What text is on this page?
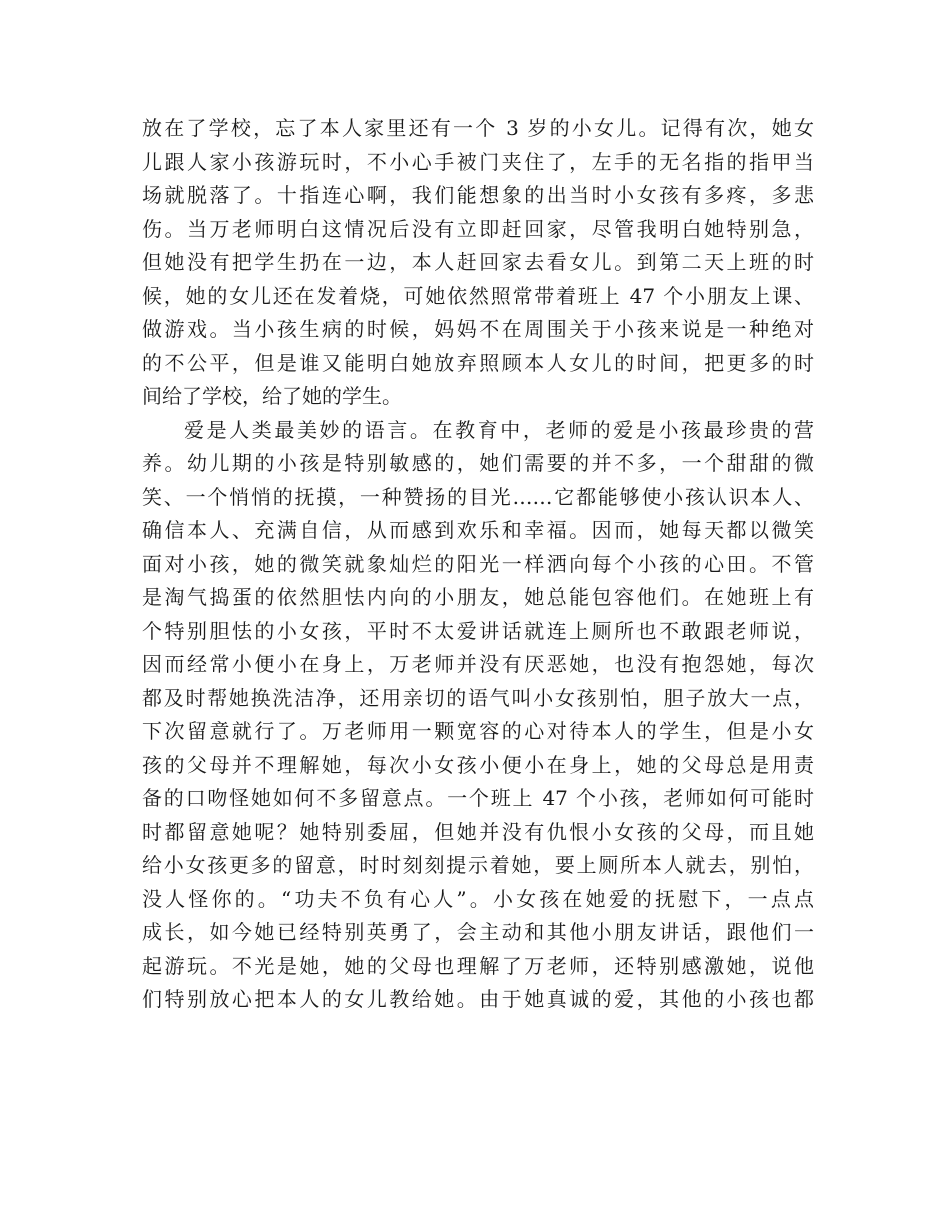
放在了学校，忘了本人家里还有一个 3 岁的小女儿。记得有次，她女
儿跟人家小孩游玩时，不小心手被门夹住了，左手的无名指的指甲当
场就脱落了。十指连心啊，我们能想象的出当时小女孩有多疼，多悲
伤。当万老师明白这情况后没有立即赶回家，尽管我明白她特别急，
但她没有把学生扔在一边，本人赶回家去看女儿。到第二天上班的时
候，她的女儿还在发着烧，可她依然照常带着班上 47 个小朋友上课、
做游戏。当小孩生病的时候，妈妈不在周围关于小孩来说是一种绝对
的不公平，但是谁又能明白她放弃照顾本人女儿的时间，把更多的时
间给了学校，给了她的学生。
爱是人类最美妙的语言。在教育中，老师的爱是小孩最珍贵的营
养。幼儿期的小孩是特别敏感的，她们需要的并不多，一个甜甜的微
笑、一个悄悄的抚摸，一种赞扬的目光……它都能够使小孩认识本人、
确信本人、充满自信，从而感到欢乐和幸福。因而，她每天都以微笑
面对小孩，她的微笑就象灿烂的阳光一样洒向每个小孩的心田。不管
是淘气捣蛋的依然胆怯内向的小朋友，她总能包容他们。在她班上有
个特别胆怯的小女孩，平时不太爱讲话就连上厕所也不敢跟老师说，
因而经常小便小在身上，万老师并没有厌恶她，也没有抱怨她，每次
都及时帮她换洗洁净，还用亲切的语气叫小女孩别怕，胆子放大一点，
下次留意就行了。万老师用一颗宽容的心对待本人的学生，但是小女
孩的父母并不理解她，每次小女孩小便小在身上，她的父母总是用责
备的口吻怪她如何不多留意点。一个班上 47 个小孩，老师如何可能时
时都留意她呢？她特别委屈，但她并没有仇恨小女孩的父母，而且她
给小女孩更多的留意，时时刻刻提示着她，要上厕所本人就去，别怕，
没人怪你的。“功夫不负有心人”。小女孩在她爱的抚慰下，一点点
成长，如今她已经特别英勇了，会主动和其他小朋友讲话，跟他们一
起游玩。不光是她，她的父母也理解了万老师，还特别感激她，说他
们特别放心把本人的女儿教给她。由于她真诚的爱，其他的小孩也都
